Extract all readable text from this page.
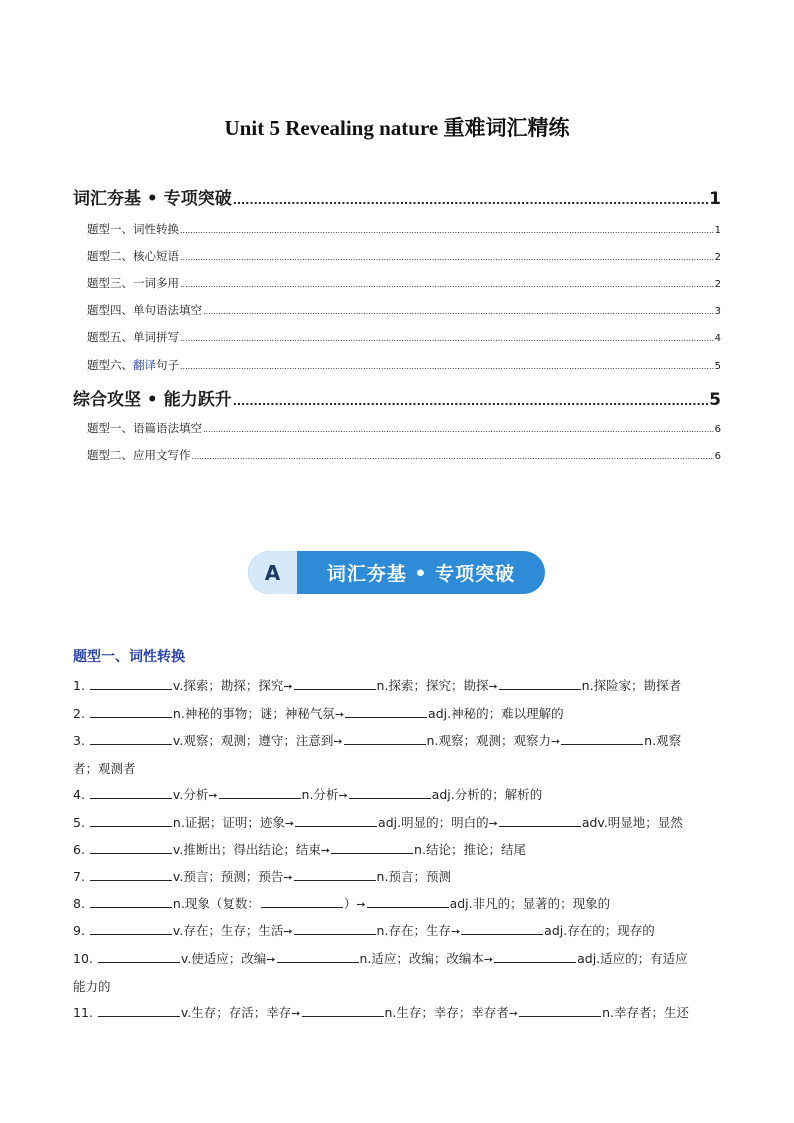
Unit 5 Revealing nature 重难词汇精练
词汇夯基 • 专项突破 .....	1
题型一、词性转换 .....	1
题型二、核心短语 .....	2
题型三、一词多用 .....	2
题型四、单句语法填空 .....	3
题型五、单词拼写 .....	4
题型六、翻译句子 .....	5
综合攻坚 • 能力跃升 .....	5
题型一、语篇语法填空 .....	6
题型二、应用文写作 .....	6
A	词汇夯基 • 专项突破
题型一、词性转换
1.	v.探索；勘探；探究➙	n.探索；探究；勘探➙	n.探险家；勘探者
2.	n.神秘的事物；谜；神秘气氛➙	adj.神秘的；难以理解的
3.	v.观察；观测；遵守；注意到➙	n.观察；观测；观察力➙	n.观察
者；观测者
4.	v.分析➙	n.分析➙	adj.分析的；解析的
5.	n.证据；证明；迹象➙	adj.明显的；明白的➙	adv.明显地；显然
6.	v.推断出；得出结论；结束➙	n.结论；推论；结尾
7.	v.预言；预测；预告➙	n.预言；预测
8.	n.现象（复数：	）➙	adj.非凡的；显著的；现象的
9.	v.存在；生存；生活➙	n.存在；生存➙	adj.存在的；现存的
10.	v.使适应；改编➙	n.适应；改编；改编本➙	adj.适应的；有适应
能力的
11.	v.生存；存活；幸存➙	n.生存；幸存；幸存者➙	n.幸存者；生还
